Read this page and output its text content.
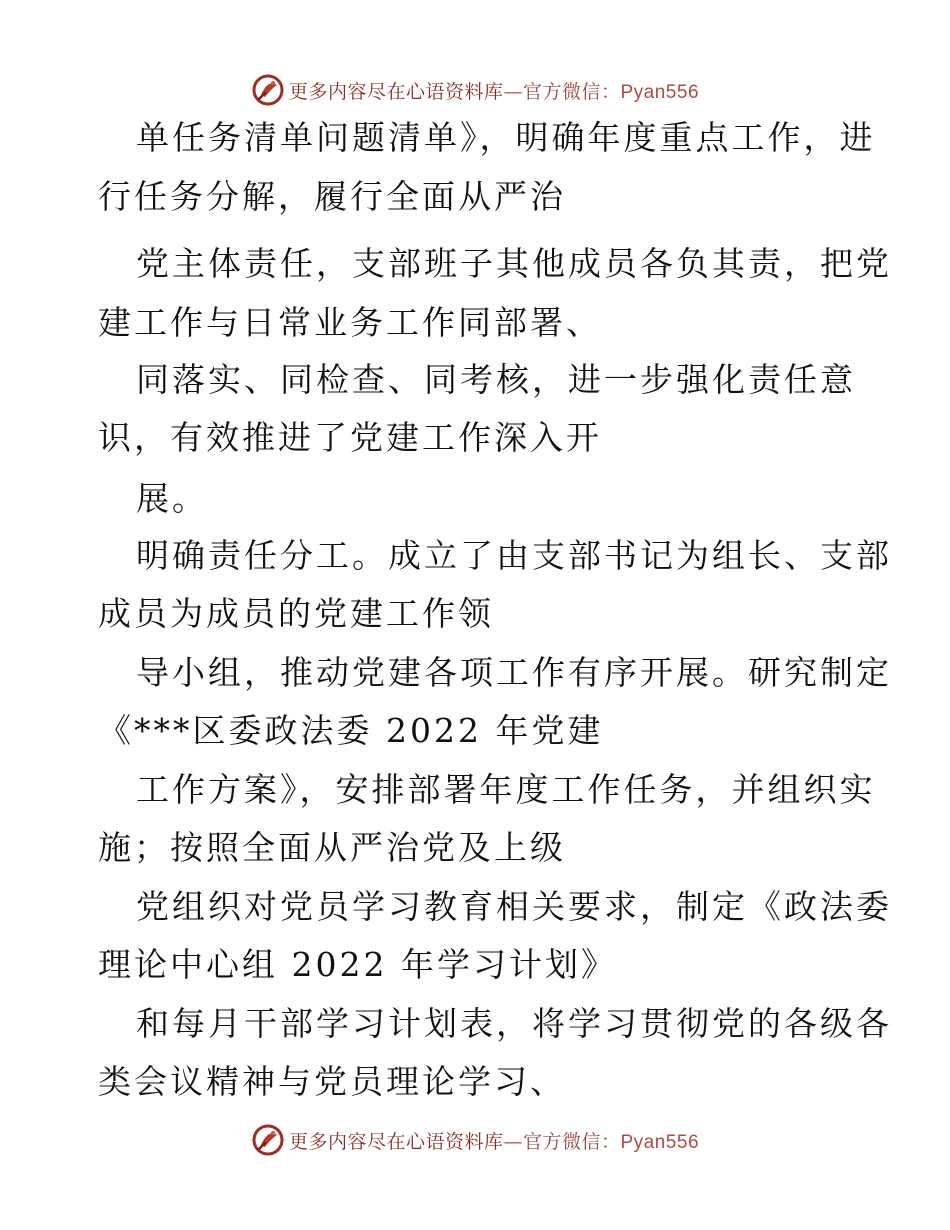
更多内容尽在心语资料库—官方微信：Pyan556
单任务清单问题清单》，明确年度重点工作，进
行任务分解，履行全面从严治
党主体责任，支部班子其他成员各负其责，把党
建工作与日常业务工作同部署、
同落实、同检查、同考核，进一步强化责任意
识，有效推进了党建工作深入开
展。
明确责任分工。成立了由支部书记为组长、支部
成员为成员的党建工作领
导小组，推动党建各项工作有序开展。研究制定
《***区委政法委 2022 年党建
工作方案》，安排部署年度工作任务，并组织实
施；按照全面从严治党及上级
党组织对党员学习教育相关要求，制定《政法委
理论中心组 2022 年学习计划》
和每月干部学习计划表，将学习贯彻党的各级各
类会议精神与党员理论学习、
更多内容尽在心语资料库—官方微信：Pyan556
